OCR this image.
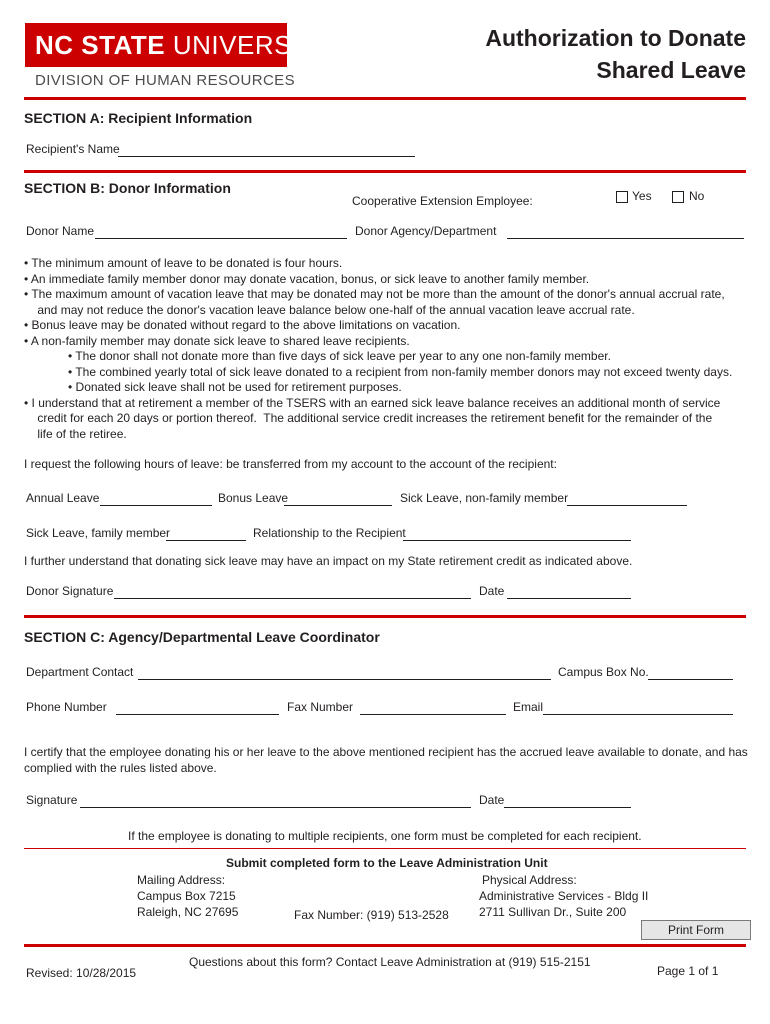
NC STATE UNIVERSITY
DIVISION OF HUMAN RESOURCES
Authorization to Donate
Shared Leave
SECTION A: Recipient Information
Recipient's Name
SECTION B: Donor Information
Cooperative Extension Employee:	Yes	No
Donor Name	Donor Agency/Department
• The minimum amount of leave to be donated is four hours.
• An immediate family member donor may donate vacation, bonus, or sick leave to another family member.
• The maximum amount of vacation leave that may be donated may not be more than the amount of the donor's annual accrual rate,
and may not reduce the donor's vacation leave balance below one-half of the annual vacation leave accrual rate.
• Bonus leave may be donated without regard to the above limitations on vacation.
• A non-family member may donate sick leave to shared leave recipients.
• The donor shall not donate more than five days of sick leave per year to any one non-family member.
• The combined yearly total of sick leave donated to a recipient from non-family member donors may not exceed twenty days.
• Donated sick leave shall not be used for retirement purposes.
• I understand that at retirement a member of the TSERS with an earned sick leave balance receives an additional month of service
credit for each 20 days or portion thereof.  The additional service credit increases the retirement benefit for the remainder of the
life of the retiree.
I request the following hours of leave: be transferred from my account to the account of the recipient:
Annual Leave	Bonus Leave	Sick Leave, non-family member
Sick Leave, family member	Relationship to the Recipient
I further understand that donating sick leave may have an impact on my State retirement credit as indicated above.
Donor Signature	Date
SECTION C: Agency/Departmental Leave Coordinator
Department Contact	Campus Box No.
Phone Number	Fax Number	Email
I certify that the employee donating his or her leave to the above mentioned recipient has the accrued leave available to donate, and has
complied with the rules listed above.
Signature	Date
If the employee is donating to multiple recipients, one form must be completed for each recipient.
Submit completed form to the Leave Administration Unit
Mailing Address:
Campus Box 7215
Raleigh, NC 27695	Fax Number: (919) 513-2528
Physical Address:
Administrative Services - Bldg II
2711 Sullivan Dr., Suite 200
Print Form
Questions about this form? Contact Leave Administration at (919) 515-2151
Revised: 10/28/2015	Page 1 of 1
